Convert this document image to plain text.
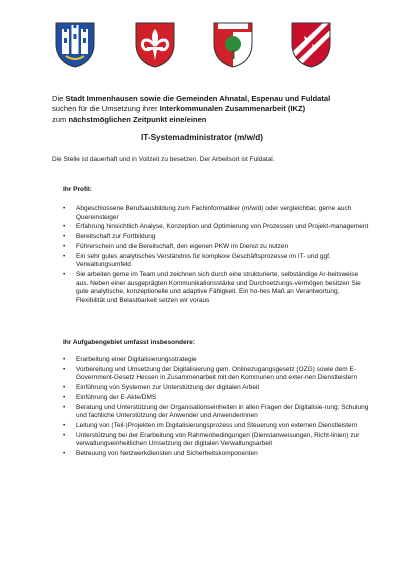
Die Stadt Immenhausen sowie die Gemeinden Ahnatal, Espenau und Fuldatal
suchen für die Umsetzung ihrer Interkommunalen Zusammenarbeit (IKZ)
zum nächstmöglichen Zeitpunkt eine/einen
IT-Systemadministrator (m/w/d)
Die Stelle ist dauerhaft und in Vollzeit zu besetzen. Der Arbeitsort ist Fuldatal.
Ihr Profil:
• Abgeschlossene Berufsausbildung zum Fachinformatiker (m/w/d) oder vergleichbar, gerne auch Quereinsteiger
• Erfahrung hinsichtlich Analyse, Konzeption und Optimierung von Prozessen und Projekt-management
• Bereitschaft zur Fortbildung
• Führerschein und die Bereitschaft, den eigenen PKW im Dienst zu nutzen
• Ein sehr gutes analytisches Verständnis für komplexe Geschäftsprozesse im IT- und ggf. Verwaltungsumfeld
• Sie arbeiten gerne im Team und zeichnen sich durch eine strukturierte, selbständige Ar-beitsweise aus. Neben einer ausgeprägten Kommunikationsstärke und Durchsetzungs-vermögen besitzen Sie gute analytische, konzeptionelle und adaptive Fähigkeit. Ein ho-hes Maß an Verantwortung, Flexibilität und Belastbarkeit setzen wir voraus
Ihr Aufgabengebiet umfasst insbesondere:
• Erarbeitung einer Digitalisierungsstrategie
• Vorbereitung und Umsetzung der Digitalisierung gem. Onlinezugangsgesetz (OZG) sowie dem E-Government-Gesetz Hessen in Zusammenarbeit mit den Kommunen und exter-nen Dienstleistern
• Einführung von Systemen zur Unterstützung der digitalen Arbeit
• Einführung der E-Akte/DMS
• Beratung und Unterstützung der Organisationseinheiten in allen Fragen der Digitalisie-rung; Schulung und fachliche Unterstützung der Anwender und Anwenderinnen
• Leitung von (Teil-)Projekten im Digitalisierungsprozess und Steuerung von externen Dienstleistern
• Unterstützung bei der Erarbeitung von Rahmenbedingungen (Dienstanweisungen, Richt-linien) zur verwaltungseinheitlichen Umsetzung der digitalen Verwaltungsarbeit
• Betreuung von Netzwerkdiensten und Sicherheitskomponenten
